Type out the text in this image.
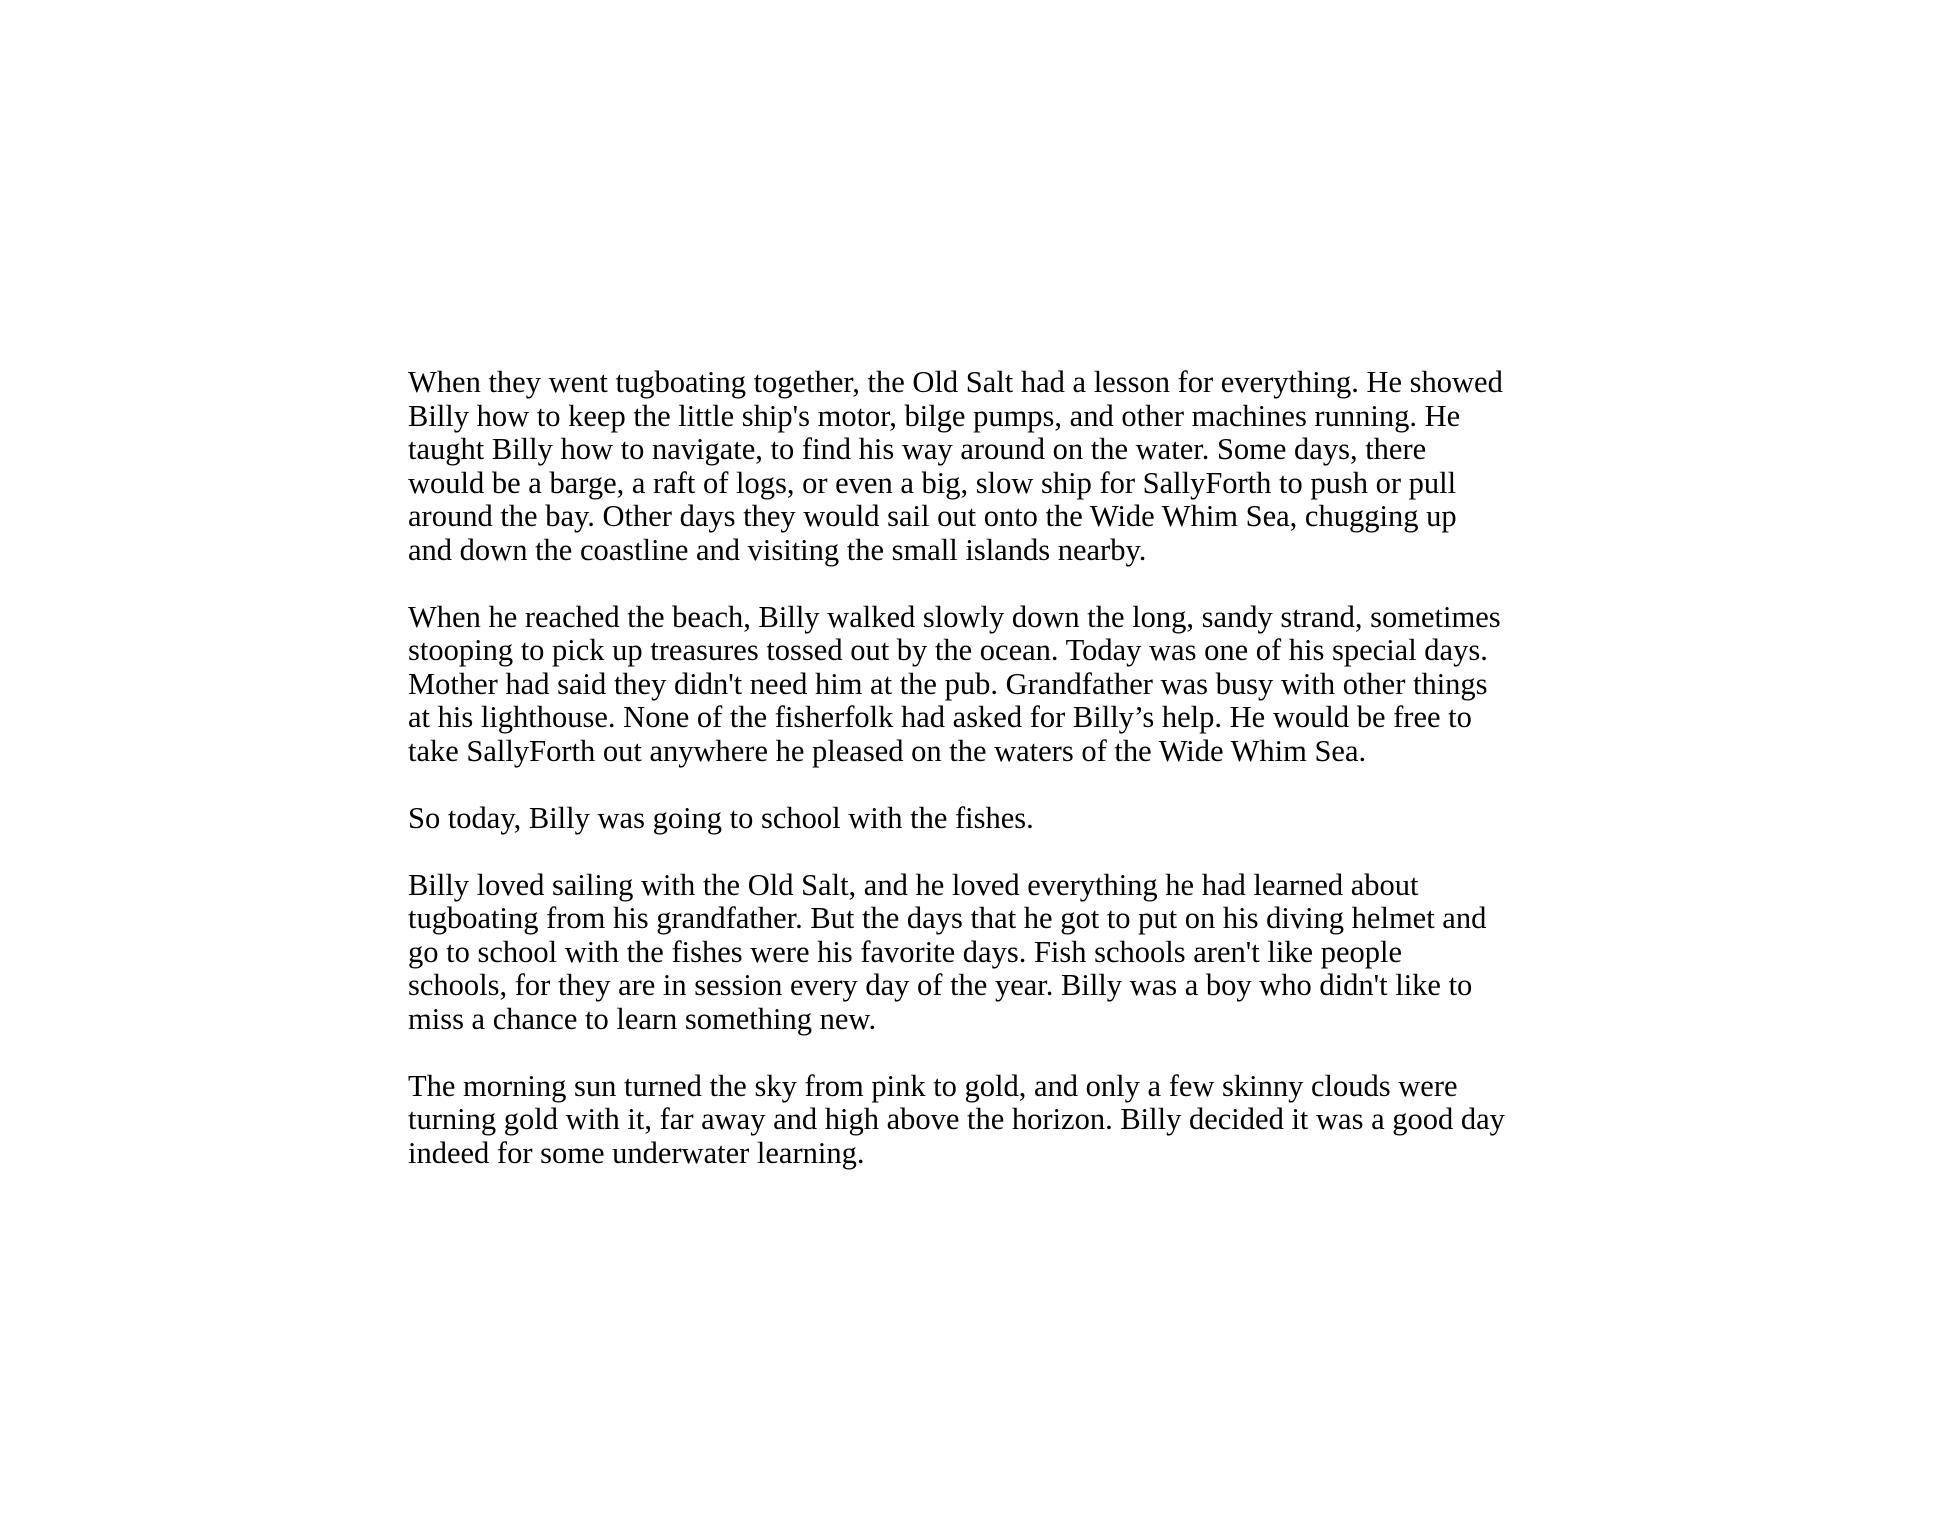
When they went tugboating together, the Old Salt had a lesson for everything. He showed
Billy how to keep the little ship's motor, bilge pumps, and other machines running. He
taught Billy how to navigate, to find his way around on the water. Some days, there
would be a barge, a raft of logs, or even a big, slow ship for SallyForth to push or pull
around the bay. Other days they would sail out onto the Wide Whim Sea, chugging up
and down the coastline and visiting the small islands nearby.

When he reached the beach, Billy walked slowly down the long, sandy strand, sometimes
stooping to pick up treasures tossed out by the ocean. Today was one of his special days.
Mother had said they didn't need him at the pub. Grandfather was busy with other things
at his lighthouse. None of the fisherfolk had asked for Billy’s help. He would be free to
take SallyForth out anywhere he pleased on the waters of the Wide Whim Sea.

So today, Billy was going to school with the fishes.

Billy loved sailing with the Old Salt, and he loved everything he had learned about
tugboating from his grandfather. But the days that he got to put on his diving helmet and
go to school with the fishes were his favorite days. Fish schools aren't like people
schools, for they are in session every day of the year. Billy was a boy who didn't like to
miss a chance to learn something new.

The morning sun turned the sky from pink to gold, and only a few skinny clouds were
turning gold with it, far away and high above the horizon. Billy decided it was a good day
indeed for some underwater learning.
